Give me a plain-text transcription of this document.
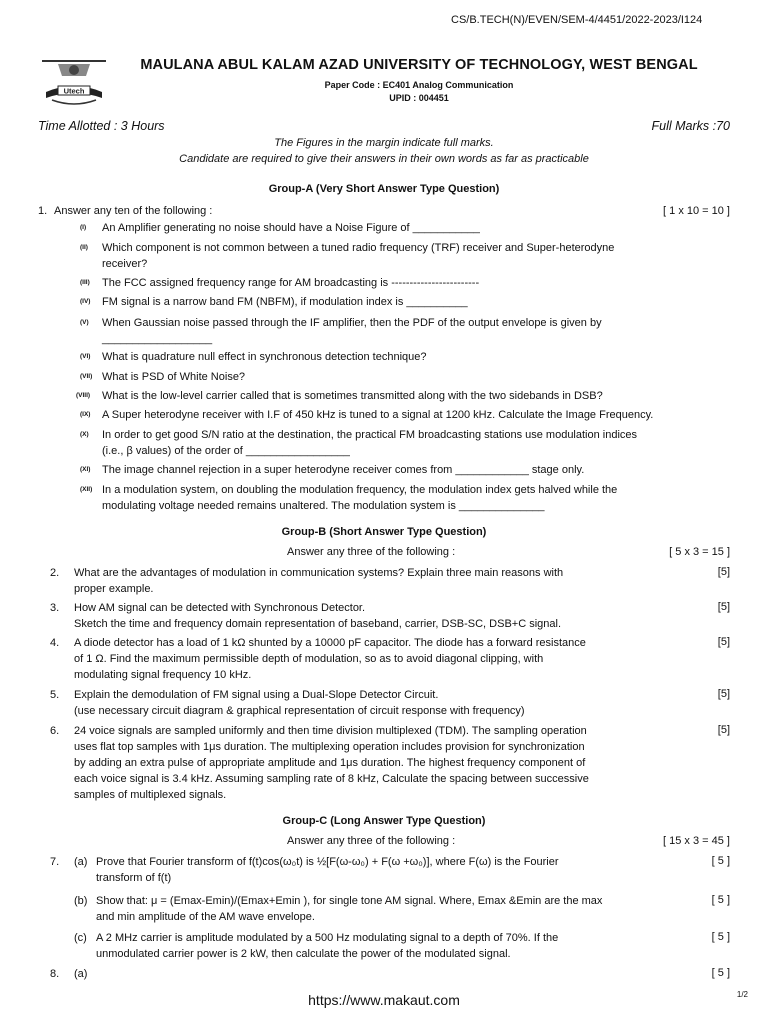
CS/B.TECH(N)/EVEN/SEM-4/4451/2022-2023/I124
Utech
MAULANA ABUL KALAM AZAD UNIVERSITY OF TECHNOLOGY, WEST BENGAL
Paper Code : EC401 Analog Communication
UPID : 004451
Time Allotted : 3 Hours	Full Marks :70
The Figures in the margin indicate full marks.
Candidate are required to give their answers in their own words as far as practicable
Group-A (Very Short Answer Type Question)
1. Answer any ten of the following :	[ 1 x 10 = 10 ]
(I) An Amplifier generating no noise should have a Noise Figure of ___________
(II) Which component is not common between a tuned radio frequency (TRF) receiver and Super-heterodyne
receiver?
(III) The FCC assigned frequency range for AM broadcasting is ------------------------
(IV) FM signal is a narrow band FM (NBFM), if modulation index is __________
(V) When Gaussian noise passed through the IF amplifier, then the PDF of the output envelope is given by
__________________
(VI) What is quadrature null effect in synchronous detection technique?
(VII) What is PSD of White Noise?
(VIII) What is the low-level carrier called that is sometimes transmitted along with the two sidebands in DSB?
(IX) A Super heterodyne receiver with I.F of 450 kHz is tuned to a signal at 1200 kHz. Calculate the Image Frequency.
(X) In order to get good S/N ratio at the destination, the practical FM broadcasting stations use modulation indices
(i.e., β values) of the order of _________________
(XI) The image channel rejection in a super heterodyne receiver comes from ____________ stage only.
(XII) In a modulation system, on doubling the modulation frequency, the modulation index gets halved while the
modulating voltage needed remains unaltered. The modulation system is ______________
Group-B (Short Answer Type Question)
Answer any three of the following :	[ 5 x 3 = 15 ]
2. What are the advantages of modulation in communication systems? Explain three main reasons with
proper example.
[5]
3. How AM signal can be detected with Synchronous Detector.
Sketch the time and frequency domain representation of baseband, carrier, DSB-SC, DSB+C signal.
[5]
4. A diode detector has a load of 1 kΩ shunted by a 10000 pF capacitor. The diode has a forward resistance
of 1 Ω. Find the maximum permissible depth of modulation, so as to avoid diagonal clipping, with
modulating signal frequency 10 kHz.
[5]
5. Explain the demodulation of FM signal using a Dual-Slope Detector Circuit.
(use necessary circuit diagram & graphical representation of circuit response with frequency)
[5]
6. 24 voice signals are sampled uniformly and then time division multiplexed (TDM). The sampling operation
uses flat top samples with 1μs duration. The multiplexing operation includes provision for synchronization
by adding an extra pulse of appropriate amplitude and 1μs duration. The highest frequency component of
each voice signal is 3.4 kHz. Assuming sampling rate of 8 kHz, Calculate the spacing between successive
samples of multiplexed signals.
[5]
Group-C (Long Answer Type Question)
Answer any three of the following :	[ 15 x 3 = 45 ]
7. (a) Prove that Fourier transform of f(t)cos(ω₀t) is ½[F(ω-ω₀) + F(ω +ω₀)], where F(ω) is the Fourier
transform of f(t)
[ 5 ]
(b) Show that: μ = (Emax-Emin)/(Emax+Emin ), for single tone AM signal. Where, Emax &Emin are the max
and min amplitude of the AM wave envelope.
[ 5 ]
(c) A 2 MHz carrier is amplitude modulated by a 500 Hz modulating signal to a depth of 70%. If the
unmodulated carrier power is 2 kW, then calculate the power of the modulated signal.
[ 5 ]
8. (a)	[ 5 ]
https://www.makaut.com	1/2
